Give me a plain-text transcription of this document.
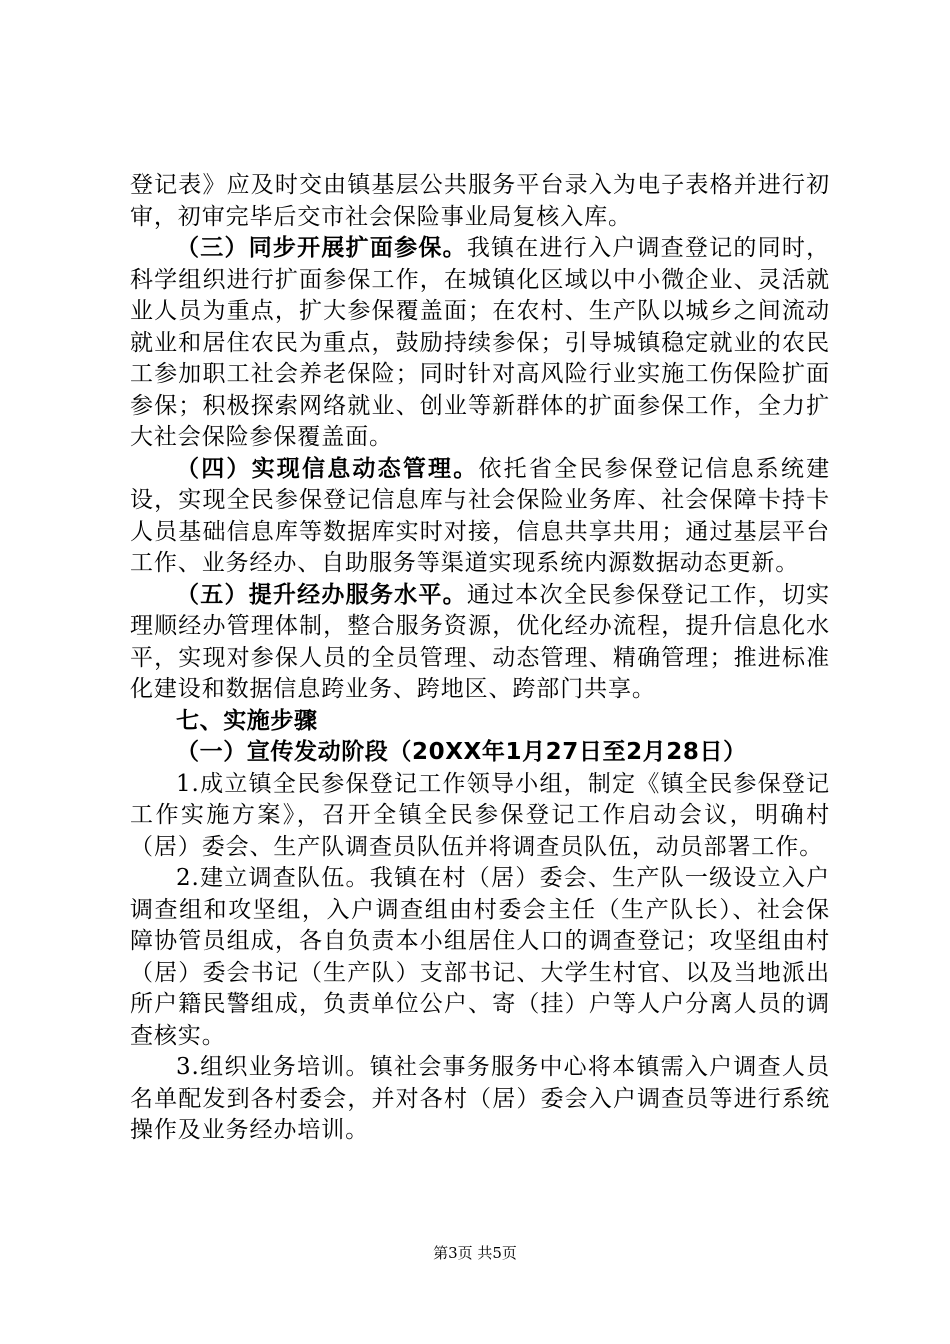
登记表》应及时交由镇基层公共服务平台录入为电子表格并进行初审，初审完毕后交市社会保险事业局复核入库。

（三）同步开展扩面参保。我镇在进行入户调查登记的同时，科学组织进行扩面参保工作，在城镇化区域以中小微企业、灵活就业人员为重点，扩大参保覆盖面；在农村、生产队以城乡之间流动就业和居住农民为重点，鼓励持续参保；引导城镇稳定就业的农民工参加职工社会养老保险；同时针对高风险行业实施工伤保险扩面参保；积极探索网络就业、创业等新群体的扩面参保工作，全力扩大社会保险参保覆盖面。

（四）实现信息动态管理。依托省全民参保登记信息系统建设，实现全民参保登记信息库与社会保险业务库、社会保障卡持卡人员基础信息库等数据库实时对接，信息共享共用；通过基层平台工作、业务经办、自助服务等渠道实现系统内源数据动态更新。

（五）提升经办服务水平。通过本次全民参保登记工作，切实理顺经办管理体制，整合服务资源，优化经办流程，提升信息化水平，实现对参保人员的全员管理、动态管理、精确管理；推进标准化建设和数据信息跨业务、跨地区、跨部门共享。

七、实施步骤

（一）宣传发动阶段（20XX年1月27日至2月28日）

1.成立镇全民参保登记工作领导小组，制定《镇全民参保登记工作实施方案》，召开全镇全民参保登记工作启动会议，明确村（居）委会、生产队调查员队伍并将调查员队伍，动员部署工作。

2.建立调查队伍。我镇在村（居）委会、生产队一级设立入户调查组和攻坚组，入户调查组由村委会主任（生产队长）、社会保障协管员组成，各自负责本小组居住人口的调查登记；攻坚组由村（居）委会书记（生产队）支部书记、大学生村官、以及当地派出所户籍民警组成，负责单位公户、寄（挂）户等人户分离人员的调查核实。

3.组织业务培训。镇社会事务服务中心将本镇需入户调查人员名单配发到各村委会，并对各村（居）委会入户调查员等进行系统操作及业务经办培训。

第3页 共5页
